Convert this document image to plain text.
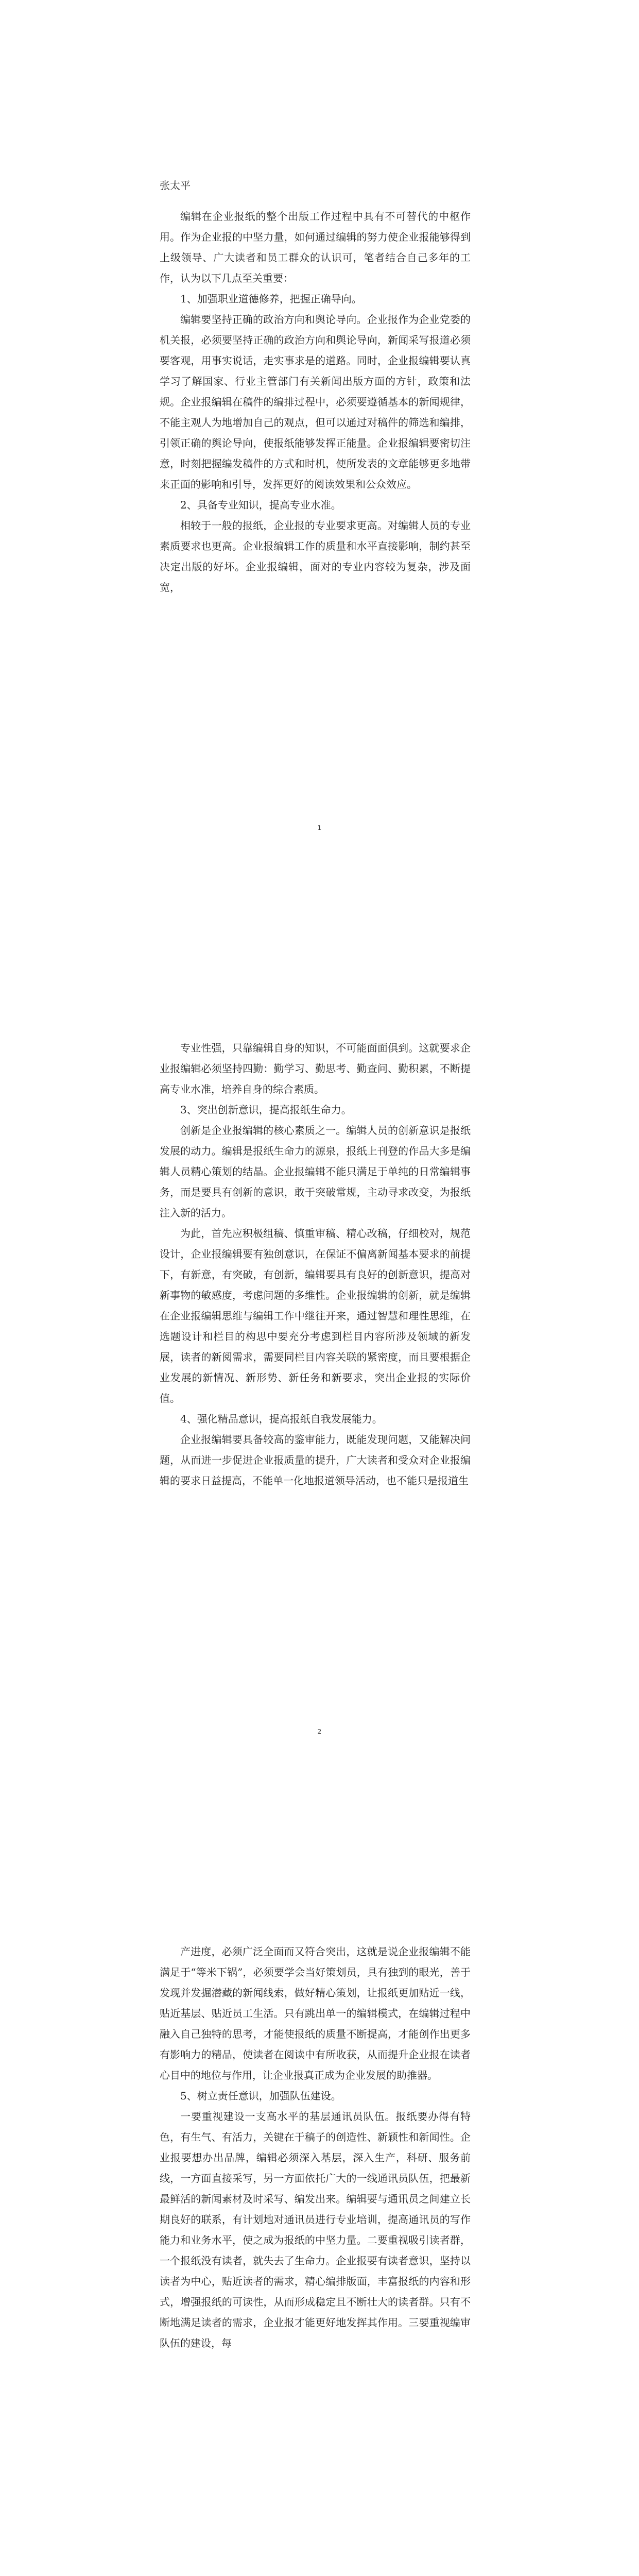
张太平

编辑在企业报纸的整个出版工作过程中具有不可替代的中枢作用。作为企业报的中坚力量，如何通过编辑的努力使企业报能够得到上级领导、广大读者和员工群众的认识可，笔者结合自己多年的工作，认为以下几点至关重要：

1、加强职业道德修养，把握正确导向。

编辑要坚持正确的政治方向和舆论导向。企业报作为企业党委的机关报，必须要坚持正确的政治方向和舆论导向，新闻采写报道必须要客观，用事实说话，走实事求是的道路。同时，企业报编辑要认真学习了解国家、行业主管部门有关新闻出版方面的方针，政策和法规。企业报编辑在稿件的编排过程中，必须要遵循基本的新闻规律，不能主观人为地增加自己的观点，但可以通过对稿件的筛选和编排，引领正确的舆论导向，使报纸能够发挥正能量。企业报编辑要密切注意，时刻把握编发稿件的方式和时机，使所发表的文章能够更多地带来正面的影响和引导，发挥更好的阅读效果和公众效应。

2、具备专业知识，提高专业水准。

相较于一般的报纸，企业报的专业要求更高。对编辑人员的专业素质要求也更高。企业报编辑工作的质量和水平直接影响，制约甚至决定出版的好坏。企业报编辑，面对的专业内容较为复杂，涉及面宽，

1

专业性强，只靠编辑自身的知识，不可能面面俱到。这就要求企业报编辑必须坚持四勤：勤学习、勤思考、勤查问、勤积累，不断提高专业水准，培养自身的综合素质。

3、突出创新意识，提高报纸生命力。

创新是企业报编辑的核心素质之一。编辑人员的创新意识是报纸发展的动力。编辑是报纸生命力的源泉，报纸上刊登的作品大多是编辑人员精心策划的结晶。企业报编辑不能只满足于单纯的日常编辑事务，而是要具有创新的意识，敢于突破常规，主动寻求改变，为报纸注入新的活力。

为此，首先应积极组稿、慎重审稿、精心改稿，仔细校对，规范设计，企业报编辑要有独创意识，在保证不偏离新闻基本要求的前提下，有新意，有突破，有创新，编辑要具有良好的创新意识，提高对新事物的敏感度，考虑问题的多维性。企业报编辑的创新，就是编辑在企业报编辑思维与编辑工作中继往开来，通过智慧和理性思维，在选题设计和栏目的构思中要充分考虑到栏目内容所涉及领域的新发展，读者的新阅需求，需要同栏目内容关联的紧密度，而且要根据企业发展的新情况、新形势、新任务和新要求，突出企业报的实际价值。

4、强化精品意识，提高报纸自我发展能力。

企业报编辑要具备较高的鉴审能力，既能发现问题，又能解决问题，从而进一步促进企业报质量的提升，广大读者和受众对企业报编辑的要求日益提高，不能单一化地报道领导活动，也不能只是报道生

2

产进度，必须广泛全面而又符合突出，这就是说企业报编辑不能满足于“等米下锅”，必须要学会当好策划员，具有独到的眼光，善于发现并发掘潜藏的新闻线索，做好精心策划，让报纸更加贴近一线，贴近基层、贴近员工生活。只有跳出单一的编辑模式，在编辑过程中融入自己独特的思考，才能使报纸的质量不断提高，才能创作出更多有影响力的精品，使读者在阅读中有所收获，从而提升企业报在读者心目中的地位与作用，让企业报真正成为企业发展的助推器。

5、树立责任意识，加强队伍建设。

一要重视建设一支高水平的基层通讯员队伍。报纸要办得有特色，有生气、有活力，关键在于稿子的创造性、新颖性和新闻性。企业报要想办出品牌，编辑必须深入基层，深入生产，科研、服务前线，一方面直接采写，另一方面依托广大的一线通讯员队伍，把最新最鲜活的新闻素材及时采写、编发出来。编辑要与通讯员之间建立长期良好的联系，有计划地对通讯员进行专业培训，提高通讯员的写作能力和业务水平，使之成为报纸的中坚力量。二要重视吸引读者群，一个报纸没有读者，就失去了生命力。企业报要有读者意识，坚持以读者为中心，贴近读者的需求，精心编排版面，丰富报纸的内容和形式，增强报纸的可读性，从而形成稳定且不断壮大的读者群。只有不断地满足读者的需求，企业报才能更好地发挥其作用。三要重视编审队伍的建设，每
